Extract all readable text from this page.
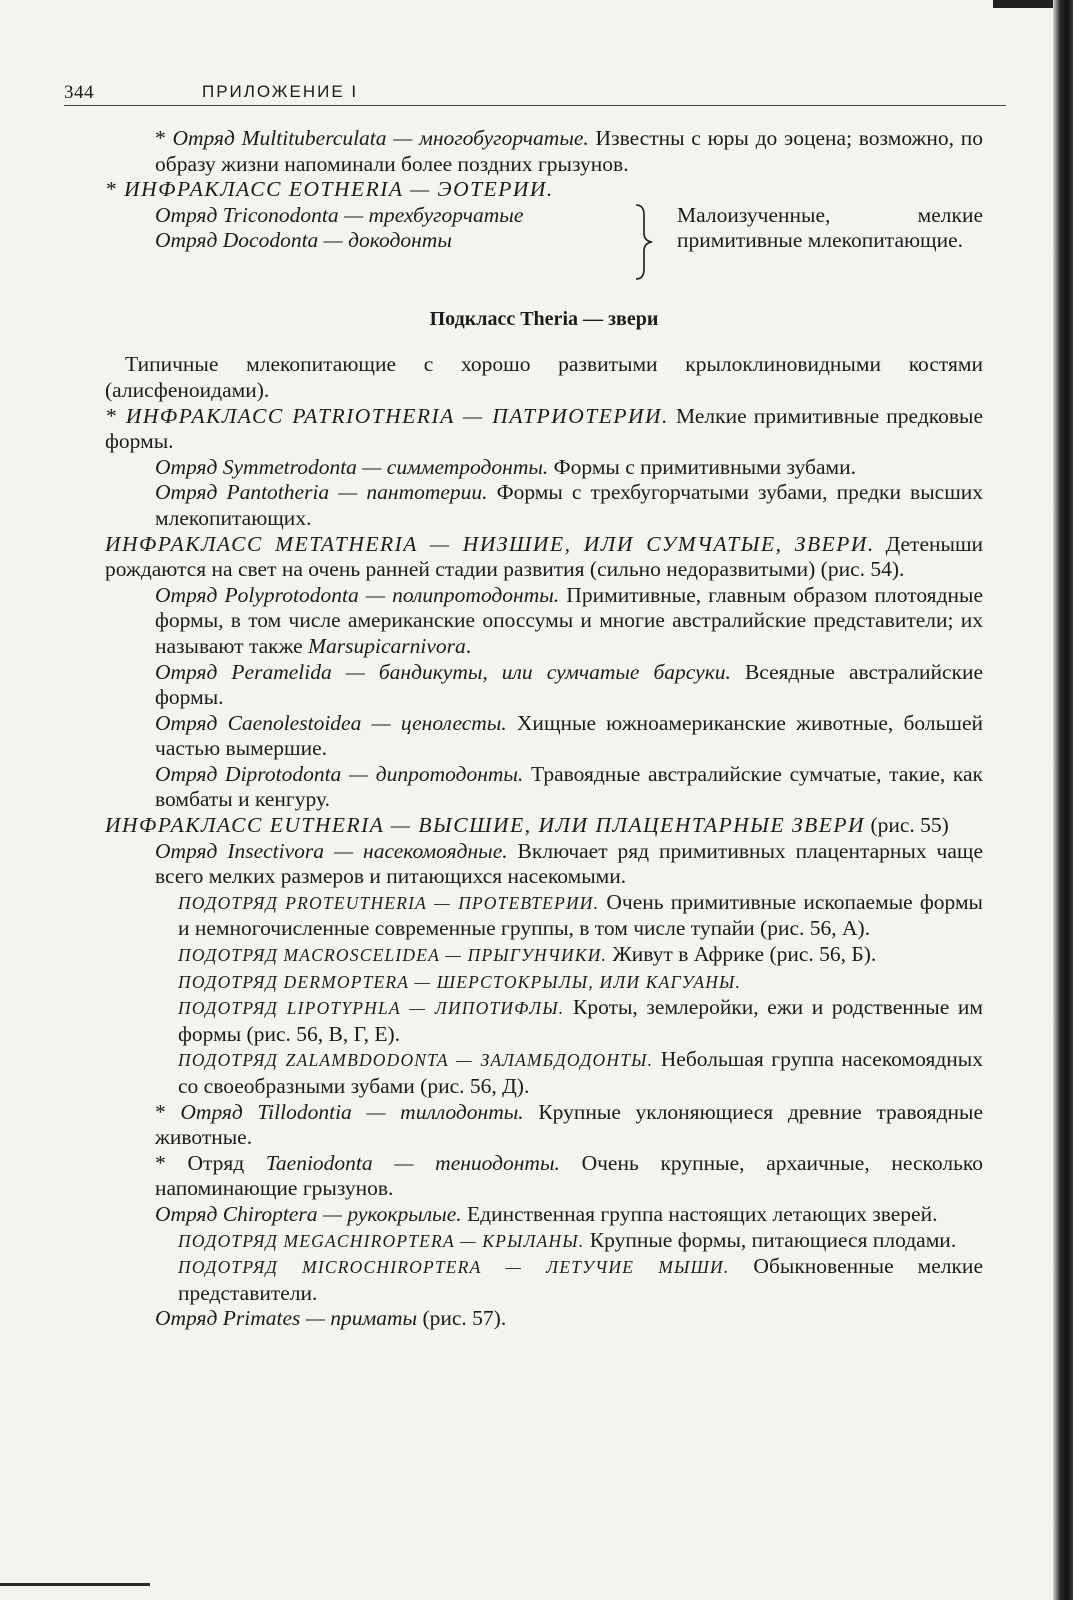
344	ПРИЛОЖЕНИЕ I

* Отряд Multituberculata — многобугорчатые. Известны с юры до эоцена; возможно, по образу жизни напоминали более поздних грызунов.

* ИНФРАКЛАСС EOTHERIA — ЭОТЕРИИ.

Отряд Triconodonta — трехбугорчатые
Отряд Docodonta — докодонты
Малоизученные, мелкие примитивные млекопитающие.

Подкласс Theria — звери

Типичные млекопитающие с хорошо развитыми крылоклиновидными костями (алисфеноидами).

* ИНФРАКЛАСС PATRIOTHERIA — ПАТРИОТЕРИИ. Мелкие примитивные предковые формы.

Отряд Symmetrodonta — симметродонты. Формы с примитивными зубами.

Отряд Pantotheria — пантотерии. Формы с трехбугорчатыми зубами, предки высших млекопитающих.

ИНФРАКЛАСС METATHERIA — НИЗШИЕ, ИЛИ СУМЧАТЫЕ, ЗВЕРИ. Детеныши рождаются на свет на очень ранней стадии развития (сильно недоразвитыми) (рис. 54).

Отряд Polyprotodonta — полипротодонты. Примитивные, главным образом плотоядные формы, в том числе американские опоссумы и многие австралийские представители; их называют также Marsupicarnivora.

Отряд Peramelida — бандикуты, или сумчатые барсуки. Всеядные австралийские формы.

Отряд Caenolestoidea — ценолесты. Хищные южноамериканские животные, большей частью вымершие.

Отряд Diprotodonta — дипротодонты. Травоядные австралийские сумчатые, такие, как вомбаты и кенгуру.

ИНФРАКЛАСС EUTHERIA — ВЫСШИЕ, ИЛИ ПЛАЦЕНТАРНЫЕ ЗВЕРИ (рис. 55)

Отряд Insectivora — насекомоядные. Включает ряд примитивных плацентарных чаще всего мелких размеров и питающихся насекомыми.

ПОДОТРЯД PROTEUTHERIA — ПРОТЕВТЕРИИ. Очень примитивные ископаемые формы и немногочисленные современные группы, в том числе тупайи (рис. 56, А).

ПОДОТРЯД MACROSCELIDEA — ПРЫГУНЧИКИ. Живут в Африке (рис. 56, Б).

ПОДОТРЯД DERMOPTERA — ШЕРСТОКРЫЛЫ, ИЛИ КАГУАНЫ.

ПОДОТРЯД LIPOTYPHLA — ЛИПОТИФЛЫ. Кроты, землеройки, ежи и родственные им формы (рис. 56, В, Г, Е).

ПОДОТРЯД ZALAMBDODONTA — ЗАЛАМБДОДОНТЫ. Небольшая группа насекомоядных со своеобразными зубами (рис. 56, Д).

* Отряд Tillodontia — тиллодонты. Крупные уклоняющиеся древние травоядные животные.

* Отряд Taeniodonta — тениодонты. Очень крупные, архаичные, несколько напоминающие грызунов.

Отряд Chiroptera — рукокрылые. Единственная группа настоящих летающих зверей.

ПОДОТРЯД MEGACHIROPTERA — КРЫЛАНЫ. Крупные формы, питающиеся плодами.

ПОДОТРЯД MICROCHIROPTERA — ЛЕТУЧИЕ МЫШИ. Обыкновенные мелкие представители.

Отряд Primates — приматы (рис. 57).
